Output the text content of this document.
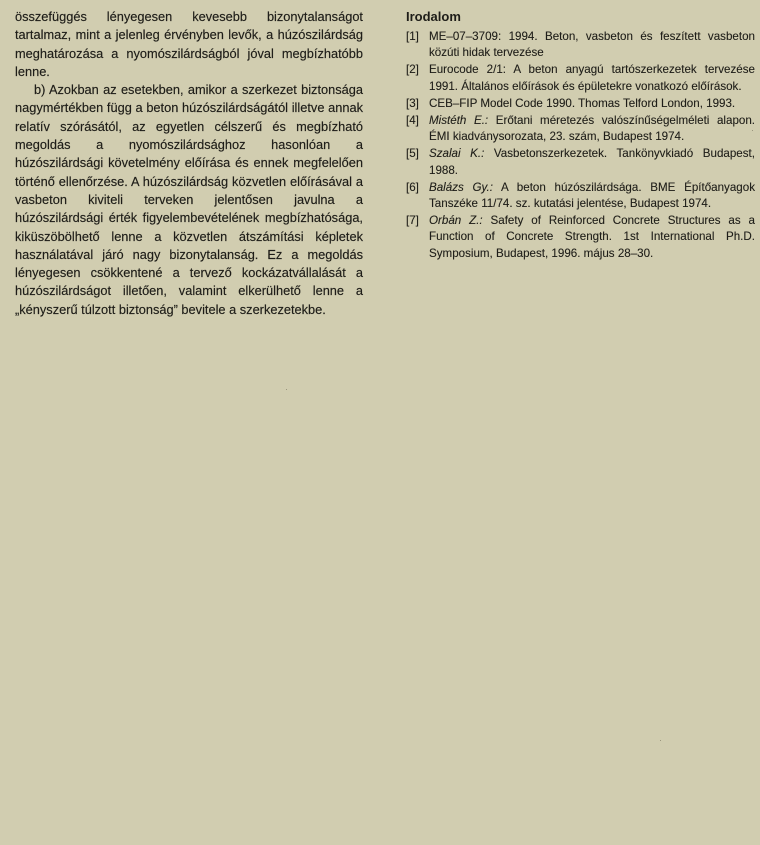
összefüggés lényegesen kevesebb bizonytalanságot tartalmaz, mint a jelenleg érvényben levők, a húzószilárdság meghatározása a nyomószilárdságból jóval megbízhatóbb lenne.

b) Azokban az esetekben, amikor a szerkezet biztonsága nagymértékben függ a beton húzószilárdságától illetve annak relatív szórásától, az egyetlen célszerű és megbízható megoldás a nyomószilárdsághoz hasonlóan a húzószilárdsági követelmény előírása és ennek megfelelően történő ellenőrzése. A húzószilárdság közvetlen előírásával a vasbeton kiviteli terveken jelentősen javulna a húzószilárdsági érték figyelembevételének megbízhatósága, kiküszöbölhető lenne a közvetlen átszámítási képletek használatával járó nagy bizonytalanság. Ez a megoldás lényegesen csökkentené a tervező kockázatvállalását a húzószilárdságot illetően, valamint elkerülhető lenne a „kényszerű túlzott biztonság” bevitele a szerkezetekbe.

Irodalom
[1] ME–07–3709: 1994. Beton, vasbeton és feszített vasbeton közúti hidak tervezése
[2] Eurocode 2/1: A beton anyagú tartószerkezetek tervezése 1991. Általános előírások és épületekre vonatkozó előírások.
[3] CEB–FIP Model Code 1990. Thomas Telford London, 1993.
[4] Mistéth E.: Erőtani méretezés valószínűségelméleti alapon. ÉMI kiadványsorozata, 23. szám, Budapest 1974.
[5] Szalai K.: Vasbetonszerkezetek. Tankönyvkiadó Budapest, 1988.
[6] Balázs Gy.: A beton húzószilárdsága. BME Építőanyagok Tanszéke 11/74. sz. kutatási jelentése, Budapest 1974.
[7] Orbán Z.: Safety of Reinforced Concrete Structures as a Function of Concrete Strength. 1st International Ph.D. Symposium, Budapest, 1996. május 28–30.
